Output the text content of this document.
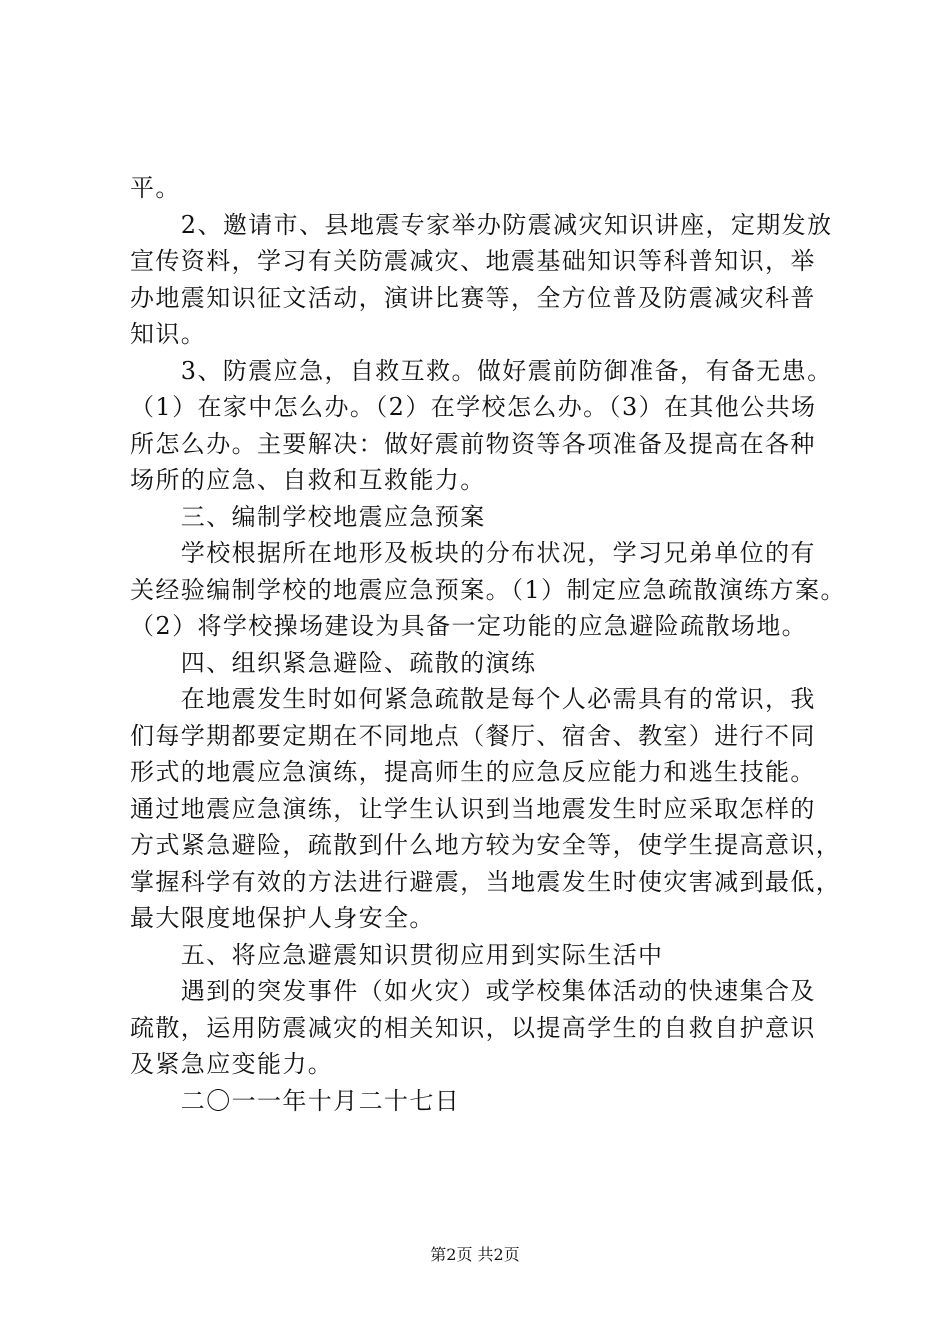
平。
　　2、邀请市、县地震专家举办防震减灾知识讲座，定期发放
宣传资料，学习有关防震减灾、地震基础知识等科普知识，举
办地震知识征文活动，演讲比赛等，全方位普及防震减灾科普
知识。
　　3、防震应急，自救互救。做好震前防御准备，有备无患。
（1）在家中怎么办。（2）在学校怎么办。（3）在其他公共场
所怎么办。主要解决：做好震前物资等各项准备及提高在各种
场所的应急、自救和互救能力。
　　三、编制学校地震应急预案
　　学校根据所在地形及板块的分布状况，学习兄弟单位的有
关经验编制学校的地震应急预案。（1）制定应急疏散演练方案。
（2）将学校操场建设为具备一定功能的应急避险疏散场地。
　　四、组织紧急避险、疏散的演练
　　在地震发生时如何紧急疏散是每个人必需具有的常识，我
们每学期都要定期在不同地点（餐厅、宿舍、教室）进行不同
形式的地震应急演练，提高师生的应急反应能力和逃生技能。
通过地震应急演练，让学生认识到当地震发生时应采取怎样的
方式紧急避险，疏散到什么地方较为安全等，使学生提高意识，
掌握科学有效的方法进行避震，当地震发生时使灾害减到最低，
最大限度地保护人身安全。
　　五、将应急避震知识贯彻应用到实际生活中
　　遇到的突发事件（如火灾）或学校集体活动的快速集合及
疏散，运用防震减灾的相关知识，以提高学生的自救自护意识
及紧急应变能力。
　　二〇一一年十月二十七日
第2页 共2页
